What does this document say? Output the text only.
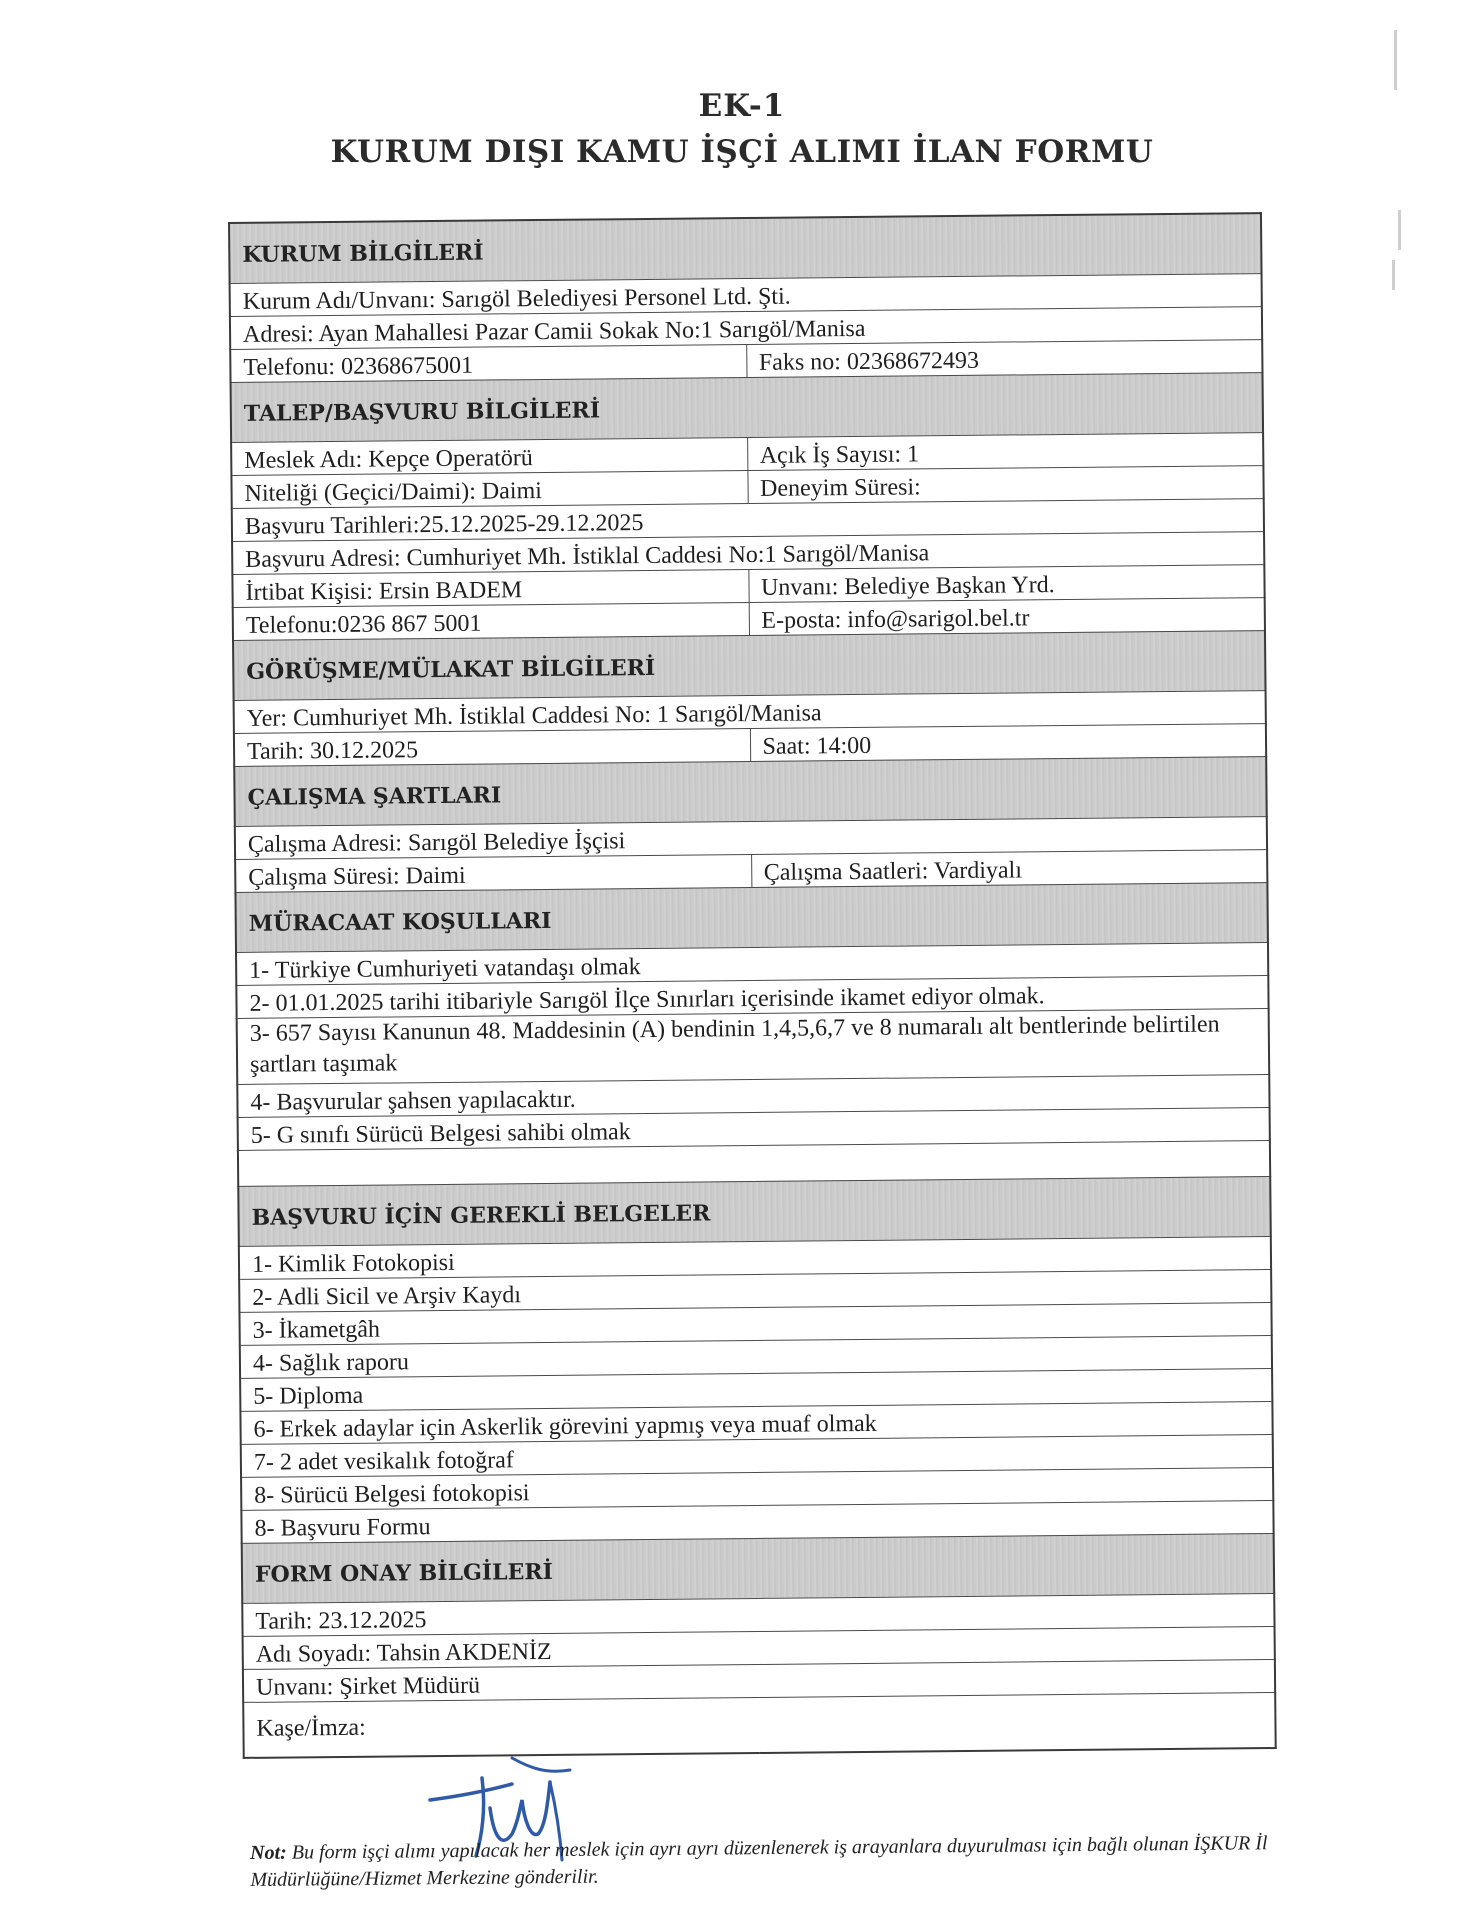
EK-1
KURUM DIŞI KAMU İŞÇİ ALIMI İLAN FORMU
KURUM BİLGİLERİ	
Kurum Adı/Unvanı: Sarıgöl Belediyesi Personel Ltd. Şti.	
Adresi: Ayan Mahallesi Pazar Camii Sokak No:1 Sarıgöl/Manisa	
Telefonu: 02368675001	Faks no: 02368672493
TALEP/BAŞVURU BİLGİLERİ	
Meslek Adı: Kepçe Operatörü	Açık İş Sayısı: 1
Niteliği (Geçici/Daimi): Daimi	Deneyim Süresi:
Başvuru Tarihleri:25.12.2025-29.12.2025	
Başvuru Adresi: Cumhuriyet Mh. İstiklal Caddesi No:1 Sarıgöl/Manisa	
İrtibat Kişisi: Ersin BADEM	Unvanı: Belediye Başkan Yrd.
Telefonu:0236 867 5001	E-posta: info@sarigol.bel.tr
GÖRÜŞME/MÜLAKAT BİLGİLERİ	
Yer: Cumhuriyet Mh. İstiklal Caddesi No: 1 Sarıgöl/Manisa	
Tarih: 30.12.2025	Saat: 14:00
ÇALIŞMA ŞARTLARI	
Çalışma Adresi: Sarıgöl Belediye İşçisi	
Çalışma Süresi: Daimi	Çalışma Saatleri: Vardiyalı
MÜRACAAT KOŞULLARI	
1- Türkiye Cumhuriyeti vatandaşı olmak	
2- 01.01.2025 tarihi itibariyle Sarıgöl İlçe Sınırları içerisinde ikamet ediyor olmak.	
3- 657 Sayısı Kanunun 48. Maddesinin (A) bendinin 1,4,5,6,7 ve 8 numaralı alt bentlerinde belirtilen şartları taşımak	
4- Başvurular şahsen yapılacaktır.	
5- G sınıfı Sürücü Belgesi sahibi olmak	

BAŞVURU İÇİN GEREKLİ BELGELER	
1- Kimlik Fotokopisi	
2- Adli Sicil ve Arşiv Kaydı	
3- İkametgâh	
4- Sağlık raporu	
5- Diploma	
6- Erkek adaylar için Askerlik görevini yapmış veya muaf olmak	
7- 2 adet vesikalık fotoğraf	
8- Sürücü Belgesi fotokopisi	
8- Başvuru Formu	
FORM ONAY BİLGİLERİ	
Tarih: 23.12.2025	
Adı Soyadı: Tahsin AKDENİZ	
Unvanı: Şirket Müdürü	
Kaşe/İmza:	
Not: Bu form işçi alımı yapılacak her meslek için ayrı ayrı düzenlenerek iş arayanlara duyurulması için bağlı olunan İŞKUR İl Müdürlüğüne/Hizmet Merkezine gönderilir.
